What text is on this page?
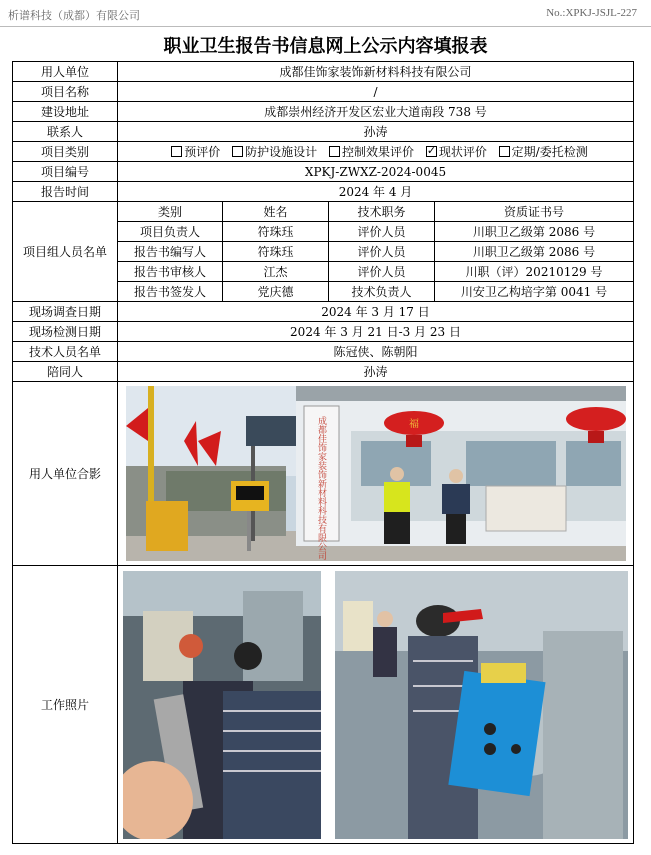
析谱科技（成都）有限公司	No.:XPKJ-JSJL-227
职业卫生报告书信息网上公示内容填报表
用人单位	成都佳饰家装饰新材料科技有限公司			
项目名称	/			
建设地址	成都崇州经济开发区宏业大道南段 738 号			
联系人	孙涛			
项目类别	预评价 防护设施设计 控制效果评价 ✓ 现状评价 定期/委托检测
项目编号	XPKJ-ZWXZ-2024-0045			
报告时间	2024 年 4 月			
项目组人员名单	类别	姓名	技术职务	资质证书号
	项目负责人	符珠珏	评价人员	川职卫乙级第 2086 号
	报告书编写人	符珠珏	评价人员	川职卫乙级第 2086 号
	报告书审核人	江杰	评价人员	川职（评）20210129 号
	报告书签发人	党庆德	技术负责人	川安卫乙构培字第 0041 号
现场调查日期	2024 年 3 月 17 日			
现场检测日期	2024 年 3 月 21 日-3 月 23 日			
技术人员名单	陈冠侠、陈朝阳			
陪同人	孙涛			
用人单位合影	成都佳饰家装饰新材料科技有限公司 福			

工作照片	
